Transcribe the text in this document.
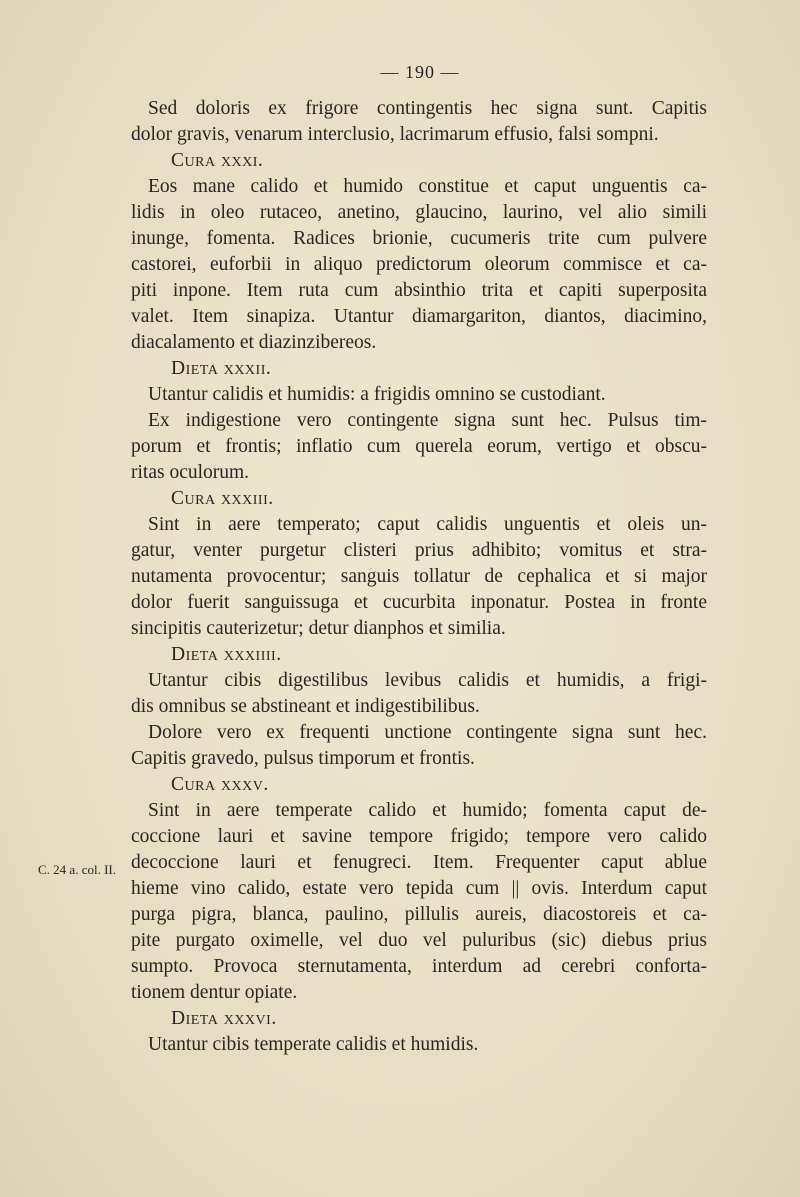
— 190 —
C. 24 a. col. II.
Sed doloris ex frigore contingentis hec signa sunt. Capitis
dolor gravis, venarum interclusio, lacrimarum effusio, falsi sompni.
Cura xxxi.
Eos mane calido et humido constitue et caput unguentis ca-
lidis in oleo rutaceo, anetino, glaucino, laurino, vel alio simili
inunge, fomenta. Radices brionie, cucumeris trite cum pulvere
castorei, euforbii in aliquo predictorum oleorum commisce et ca-
piti inpone. Item ruta cum absinthio trita et capiti superposita
valet. Item sinapiza. Utantur diamargariton, diantos, diacimino,
diacalamento et diazinzibereos.
Dieta xxxii.
Utantur calidis et humidis: a frigidis omnino se custodiant.
Ex indigestione vero contingente signa sunt hec. Pulsus tim-
porum et frontis; inflatio cum querela eorum, vertigo et obscu-
ritas oculorum.
Cura xxxiii.
Sint in aere temperato; caput calidis unguentis et oleis un-
gatur, venter purgetur clisteri prius adhibito; vomitus et stra-
nutamenta provocentur; sanguis tollatur de cephalica et si major
dolor fuerit sanguissuga et cucurbita inponatur. Postea in fronte
sincipitis cauterizetur; detur dianphos et similia.
Dieta xxxiiii.
Utantur cibis digestilibus levibus calidis et humidis, a frigi-
dis omnibus se abstineant et indigestibilibus.
Dolore vero ex frequenti unctione contingente signa sunt hec.
Capitis gravedo, pulsus timporum et frontis.
Cura xxxv.
Sint in aere temperate calido et humido; fomenta caput de-
coccione lauri et savine tempore frigido; tempore vero calido
decoccione lauri et fenugreci. Item. Frequenter caput ablue
hieme vino calido, estate vero tepida cum || ovis. Interdum caput
purga pigra, blanca, paulino, pillulis aureis, diacostoreis et ca-
pite purgato oximelle, vel duo vel puluribus (sic) diebus prius
sumpto. Provoca sternutamenta, interdum ad cerebri conforta-
tionem dentur opiate.
Dieta xxxvi.
Utantur cibis temperate calidis et humidis.
